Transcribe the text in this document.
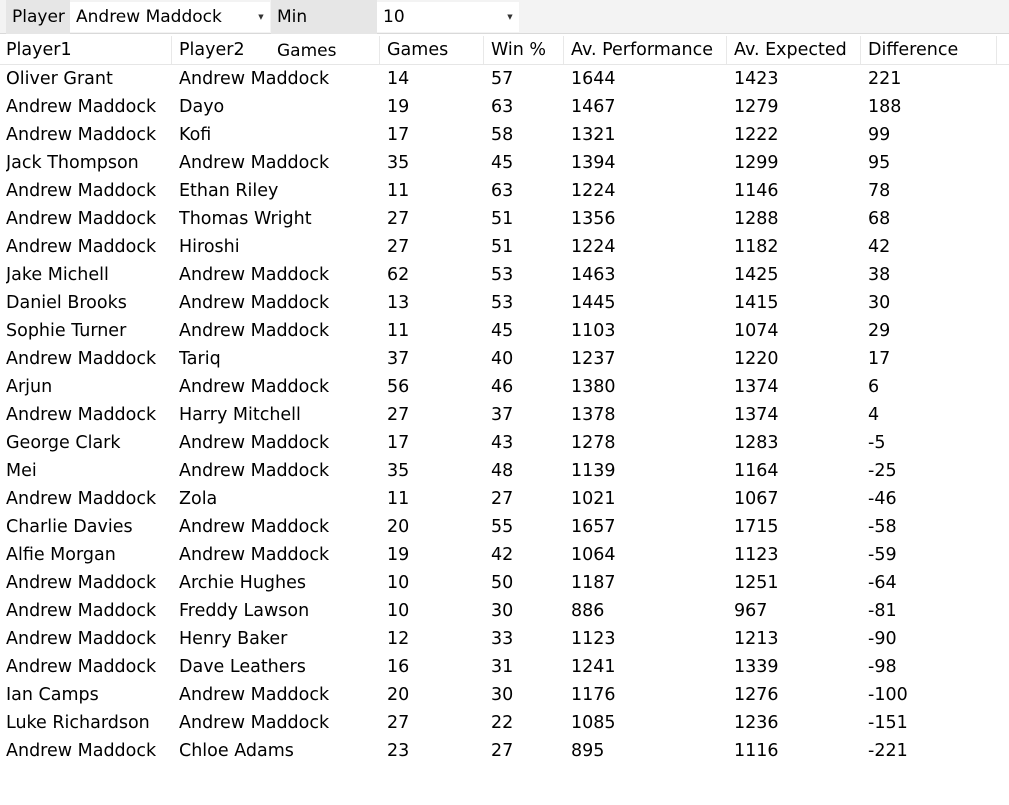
Player Andrew Maddock	▼ Min Games
10	▼
Player1	Player2	Games	Win %	Av. Performance	Av. Expected	Difference
Oliver Grant	Andrew Maddock	14	57	1644	1423	221
Andrew Maddock	Dayo	19	63	1467	1279	188
Andrew Maddock	Kofi	17	58	1321	1222	99
Jack Thompson	Andrew Maddock	35	45	1394	1299	95
Andrew Maddock	Ethan Riley	11	63	1224	1146	78
Andrew Maddock	Thomas Wright	27	51	1356	1288	68
Andrew Maddock	Hiroshi	27	51	1224	1182	42
Jake Michell	Andrew Maddock	62	53	1463	1425	38
Daniel Brooks	Andrew Maddock	13	53	1445	1415	30
Sophie Turner	Andrew Maddock	11	45	1103	1074	29
Andrew Maddock	Tariq	37	40	1237	1220	17
Arjun	Andrew Maddock	56	46	1380	1374	6
Andrew Maddock	Harry Mitchell	27	37	1378	1374	4
George Clark	Andrew Maddock	17	43	1278	1283	-5
Mei	Andrew Maddock	35	48	1139	1164	-25
Andrew Maddock	Zola	11	27	1021	1067	-46
Charlie Davies	Andrew Maddock	20	55	1657	1715	-58
Alfie Morgan	Andrew Maddock	19	42	1064	1123	-59
Andrew Maddock	Archie Hughes	10	50	1187	1251	-64
Andrew Maddock	Freddy Lawson	10	30	886	967	-81
Andrew Maddock	Henry Baker	12	33	1123	1213	-90
Andrew Maddock	Dave Leathers	16	31	1241	1339	-98
Ian Camps	Andrew Maddock	20	30	1176	1276	-100
Luke Richardson	Andrew Maddock	27	22	1085	1236	-151
Andrew Maddock	Chloe Adams	23	27	895	1116	-221
